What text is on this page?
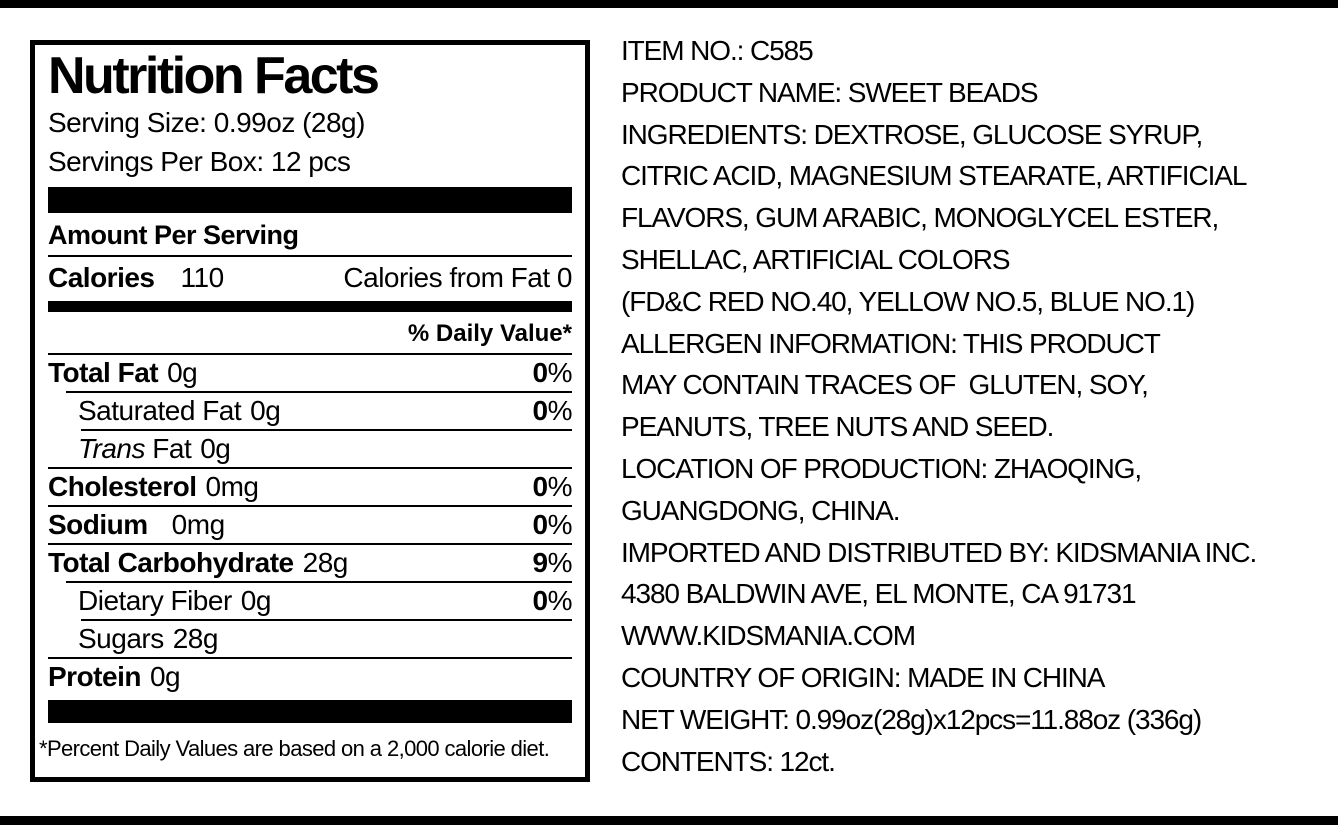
Nutrition Facts
Serving Size: 0.99oz (28g)
Servings Per Box: 12 pcs
Amount Per Serving
Calories 110	Calories from Fat 0
% Daily Value*
Total Fat 0g	0%
Saturated Fat 0g	0%
Trans Fat 0g
Cholesterol 0mg	0%
Sodium 0mg	0%
Total Carbohydrate 28g	9%
Dietary Fiber 0g	0%
Sugars 28g
Protein 0g
*Percent Daily Values are based on a 2,000 calorie diet.
ITEM NO.: C585
PRODUCT NAME: SWEET BEADS
INGREDIENTS: DEXTROSE, GLUCOSE SYRUP,
CITRIC ACID, MAGNESIUM STEARATE, ARTIFICIAL
FLAVORS, GUM ARABIC, MONOGLYCEL ESTER,
SHELLAC, ARTIFICIAL COLORS
(FD&C RED NO.40, YELLOW NO.5, BLUE NO.1)
ALLERGEN INFORMATION: THIS PRODUCT
MAY CONTAIN TRACES OF  GLUTEN, SOY,
PEANUTS, TREE NUTS AND SEED.
LOCATION OF PRODUCTION: ZHAOQING,
GUANGDONG, CHINA.
IMPORTED AND DISTRIBUTED BY: KIDSMANIA INC.
4380 BALDWIN AVE, EL MONTE, CA 91731
WWW.KIDSMANIA.COM
COUNTRY OF ORIGIN: MADE IN CHINA
NET WEIGHT: 0.99oz(28g)x12pcs=11.88oz (336g)
CONTENTS: 12ct.
